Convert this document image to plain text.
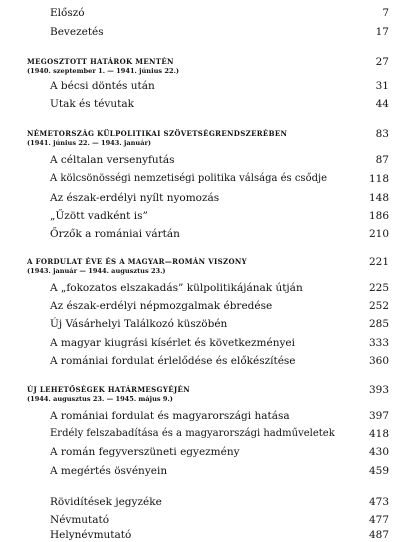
Előszó	7
Bevezetés	17
MEGOSZTOTT HATÁROK MENTÉN	27
(1940. szeptember 1. — 1941. június 22.)
A bécsi döntés után	31
Utak és tévutak	44
NÉMETORSZÁG KÜLPOLITIKAI SZÖVETSÉGRENDSZERÉBEN	83
(1941. június 22. — 1943. január)
A céltalan versenyfutás	87
A kölcsönösségi nemzetiségi politika válsága és csődje	118
Az észak-erdélyi nyílt nyomozás	148
„Űzött vadként is”	186
Őrzők a romániai vártán	210
A FORDULAT ÉVE ÉS A MAGYAR—ROMÁN VISZONY	221
(1943. január — 1944. augusztus 23.)
A „fokozatos elszakadás” külpolitikájának útján	225
Az észak-erdélyi népmozgalmak ébredése	252
Új Vásárhelyi Találkozó küszöbén	285
A magyar kiugrási kísérlet és következményei	333
A romániai fordulat érlelődése és előkészítése	360
ÚJ LEHETŐSÉGEK HATÁRMESGYÉJÉN	393
(1944. augusztus 23. — 1945. május 9.)
A romániai fordulat és magyarországi hatása	397
Erdély felszabadítása és a magyarországi hadműveletek	418
A román fegyverszüneti egyezmény	430
A megértés ösvényein	459
Rövidítések jegyzéke	473
Névmutató	477
Helynévmutató	487
